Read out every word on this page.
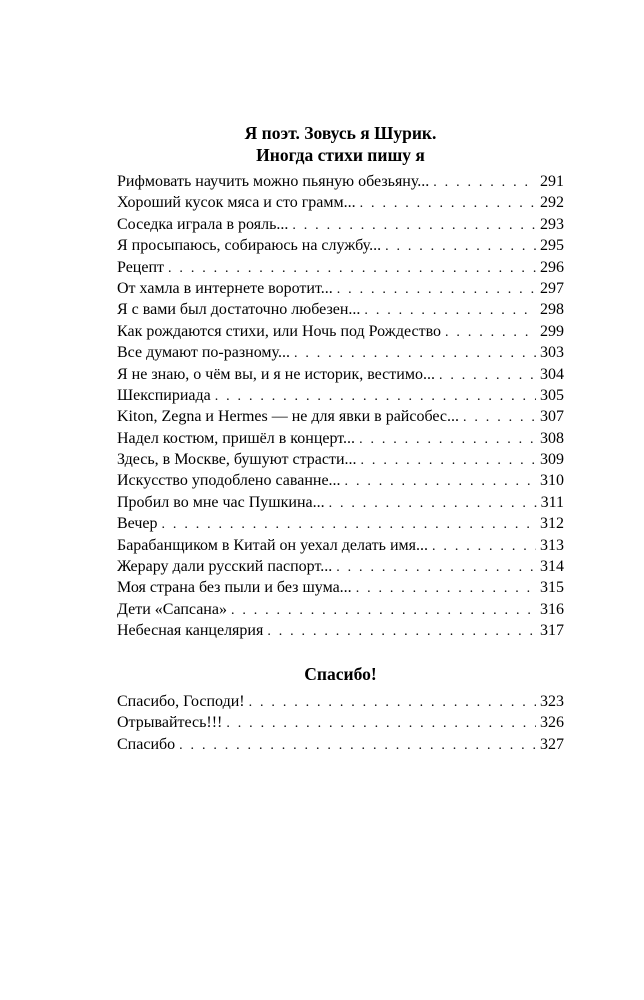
Я поэт. Зовусь я Шурик.

Иногда стихи пишу я

Рифмовать научить можно пьяную обезьяну... . . .	291
Хороший кусок мяса и сто грамм... . . .	292
Соседка играла в рояль... . . .	293
Я просыпаюсь, собираюсь на службу... . . .	295
Рецепт . . .	296
От хамла в интернете воротит... . . .	297
Я с вами был достаточно любезен... . . .	298
Как рождаются стихи, или Ночь под Рождество . . .	299
Все думают по-разному... . . .	303
Я не знаю, о чём вы, и я не историк, вестимо... . . .	304
Шекспириада . . .	305
Kiton, Zegna и Hermes — не для явки в райсобес... . . .	307
Надел костюм, пришёл в концерт... . . .	308
Здесь, в Москве, бушуют страсти... . . .	309
Искусство уподоблено саванне... . . .	310
Пробил во мне час Пушкина... . . .	311
Вечер . . .	312
Барабанщиком в Китай он уехал делать имя... . . .	313
Жерару дали русский паспорт... . . .	314
Моя страна без пыли и без шума... . . .	315
Дети «Сапсана» . . .	316
Небесная канцелярия . . .	317

Спасибо!

Спасибо, Господи! . . .	323
Отрывайтесь!!! . . .	326
Спасибо . . .	327
